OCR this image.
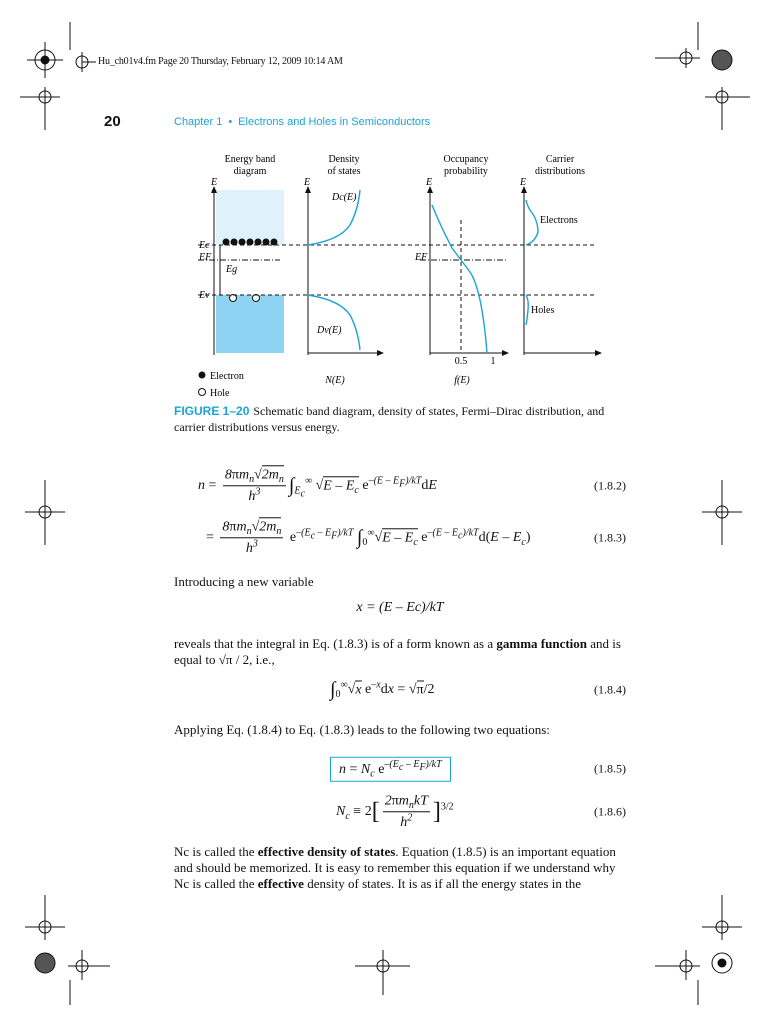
Hu_ch01v4.fm Page 20 Thursday, February 12, 2009 10:14 AM
20	Chapter 1 • Electrons and Holes in Semiconductors
Energy band
diagram
Density
of states
Occupancy
probability
Carrier
distributions
E
Ec
EF
Ev
Eg
E
Dc(E)
Dv(E)
N(E)
E
EF
0.5 1
f(E)
E
Electrons
Holes
Electron
Hole
FIGURE 1–20 Schematic band diagram, density of states, Fermi–Dirac distribution, and carrier distributions versus energy.
$n = \frac{8\pi m_n√2m_n}{h^3} \int_{E_c}^\infty$ $√E - E_c$ $e^{-(E - E_F)/kT}dE$	(1.8.2)
= $\frac{8\pi m_n√2m_n}{h^3} e^{-(E_c - E_F)/kT}$ $\int_0^\infty√E - E_c$ $e^{-(E - E_c)/kT}d(E - E_c)$	(1.8.3)
Introducing a new variable
x = (E – Ec)/kT
reveals that the integral in Eq. (1.8.3) is of a form known as a gamma function and is equal to √π / 2, i.e.,
$\int_0^\infty√x$ $e^{-x}dx = √\pi/2$	(1.8.4)
Applying Eq. (1.8.4) to Eq. (1.8.3) leads to the following two equations:
$n = N_c$ $e^{-(E_c - E_F)/kT}$	(1.8.5)
$N_c \equiv 2[ \frac{2\pi m_nkT}{h^2} ]^{3/2}$	(1.8.6)
Nc is called the effective density of states. Equation (1.8.5) is an important equation and should be memorized. It is easy to remember this equation if we understand why Nc is called the effective density of states. It is as if all the energy states in the
